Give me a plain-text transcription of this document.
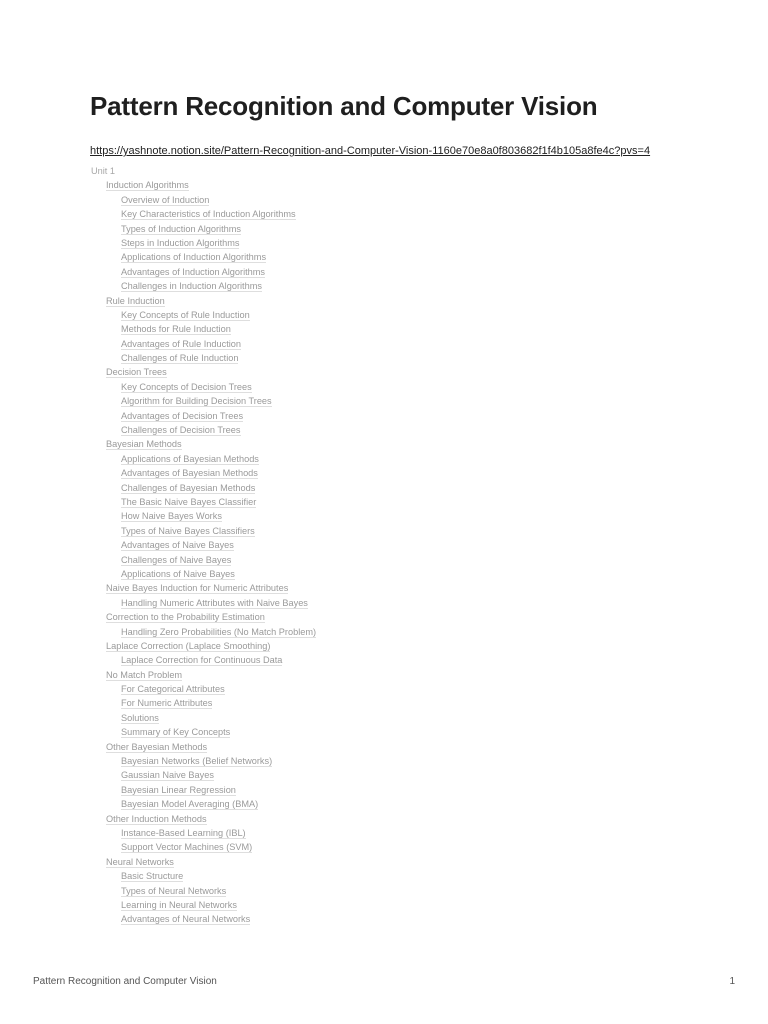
Pattern Recognition and Computer Vision
https://yashnote.notion.site/Pattern-Recognition-and-Computer-Vision-1160e70e8a0f803682f1f4b105a8fe4c?pvs=4
Unit 1
Induction Algorithms
Overview of Induction
Key Characteristics of Induction Algorithms
Types of Induction Algorithms
Steps in Induction Algorithms
Applications of Induction Algorithms
Advantages of Induction Algorithms
Challenges in Induction Algorithms
Rule Induction
Key Concepts of Rule Induction
Methods for Rule Induction
Advantages of Rule Induction
Challenges of Rule Induction
Decision Trees
Key Concepts of Decision Trees
Algorithm for Building Decision Trees
Advantages of Decision Trees
Challenges of Decision Trees
Bayesian Methods
Applications of Bayesian Methods
Advantages of Bayesian Methods
Challenges of Bayesian Methods
The Basic Naive Bayes Classifier
How Naive Bayes Works
Types of Naive Bayes Classifiers
Advantages of Naive Bayes
Challenges of Naive Bayes
Applications of Naive Bayes
Naive Bayes Induction for Numeric Attributes
Handling Numeric Attributes with Naive Bayes
Correction to the Probability Estimation
Handling Zero Probabilities (No Match Problem)
Laplace Correction (Laplace Smoothing)
Laplace Correction for Continuous Data
No Match Problem
For Categorical Attributes
For Numeric Attributes
Solutions
Summary of Key Concepts
Other Bayesian Methods
Bayesian Networks (Belief Networks)
Gaussian Naive Bayes
Bayesian Linear Regression
Bayesian Model Averaging (BMA)
Other Induction Methods
Instance-Based Learning (IBL)
Support Vector Machines (SVM)
Neural Networks
Basic Structure
Types of Neural Networks
Learning in Neural Networks
Advantages of Neural Networks
Pattern Recognition and Computer Vision	1
